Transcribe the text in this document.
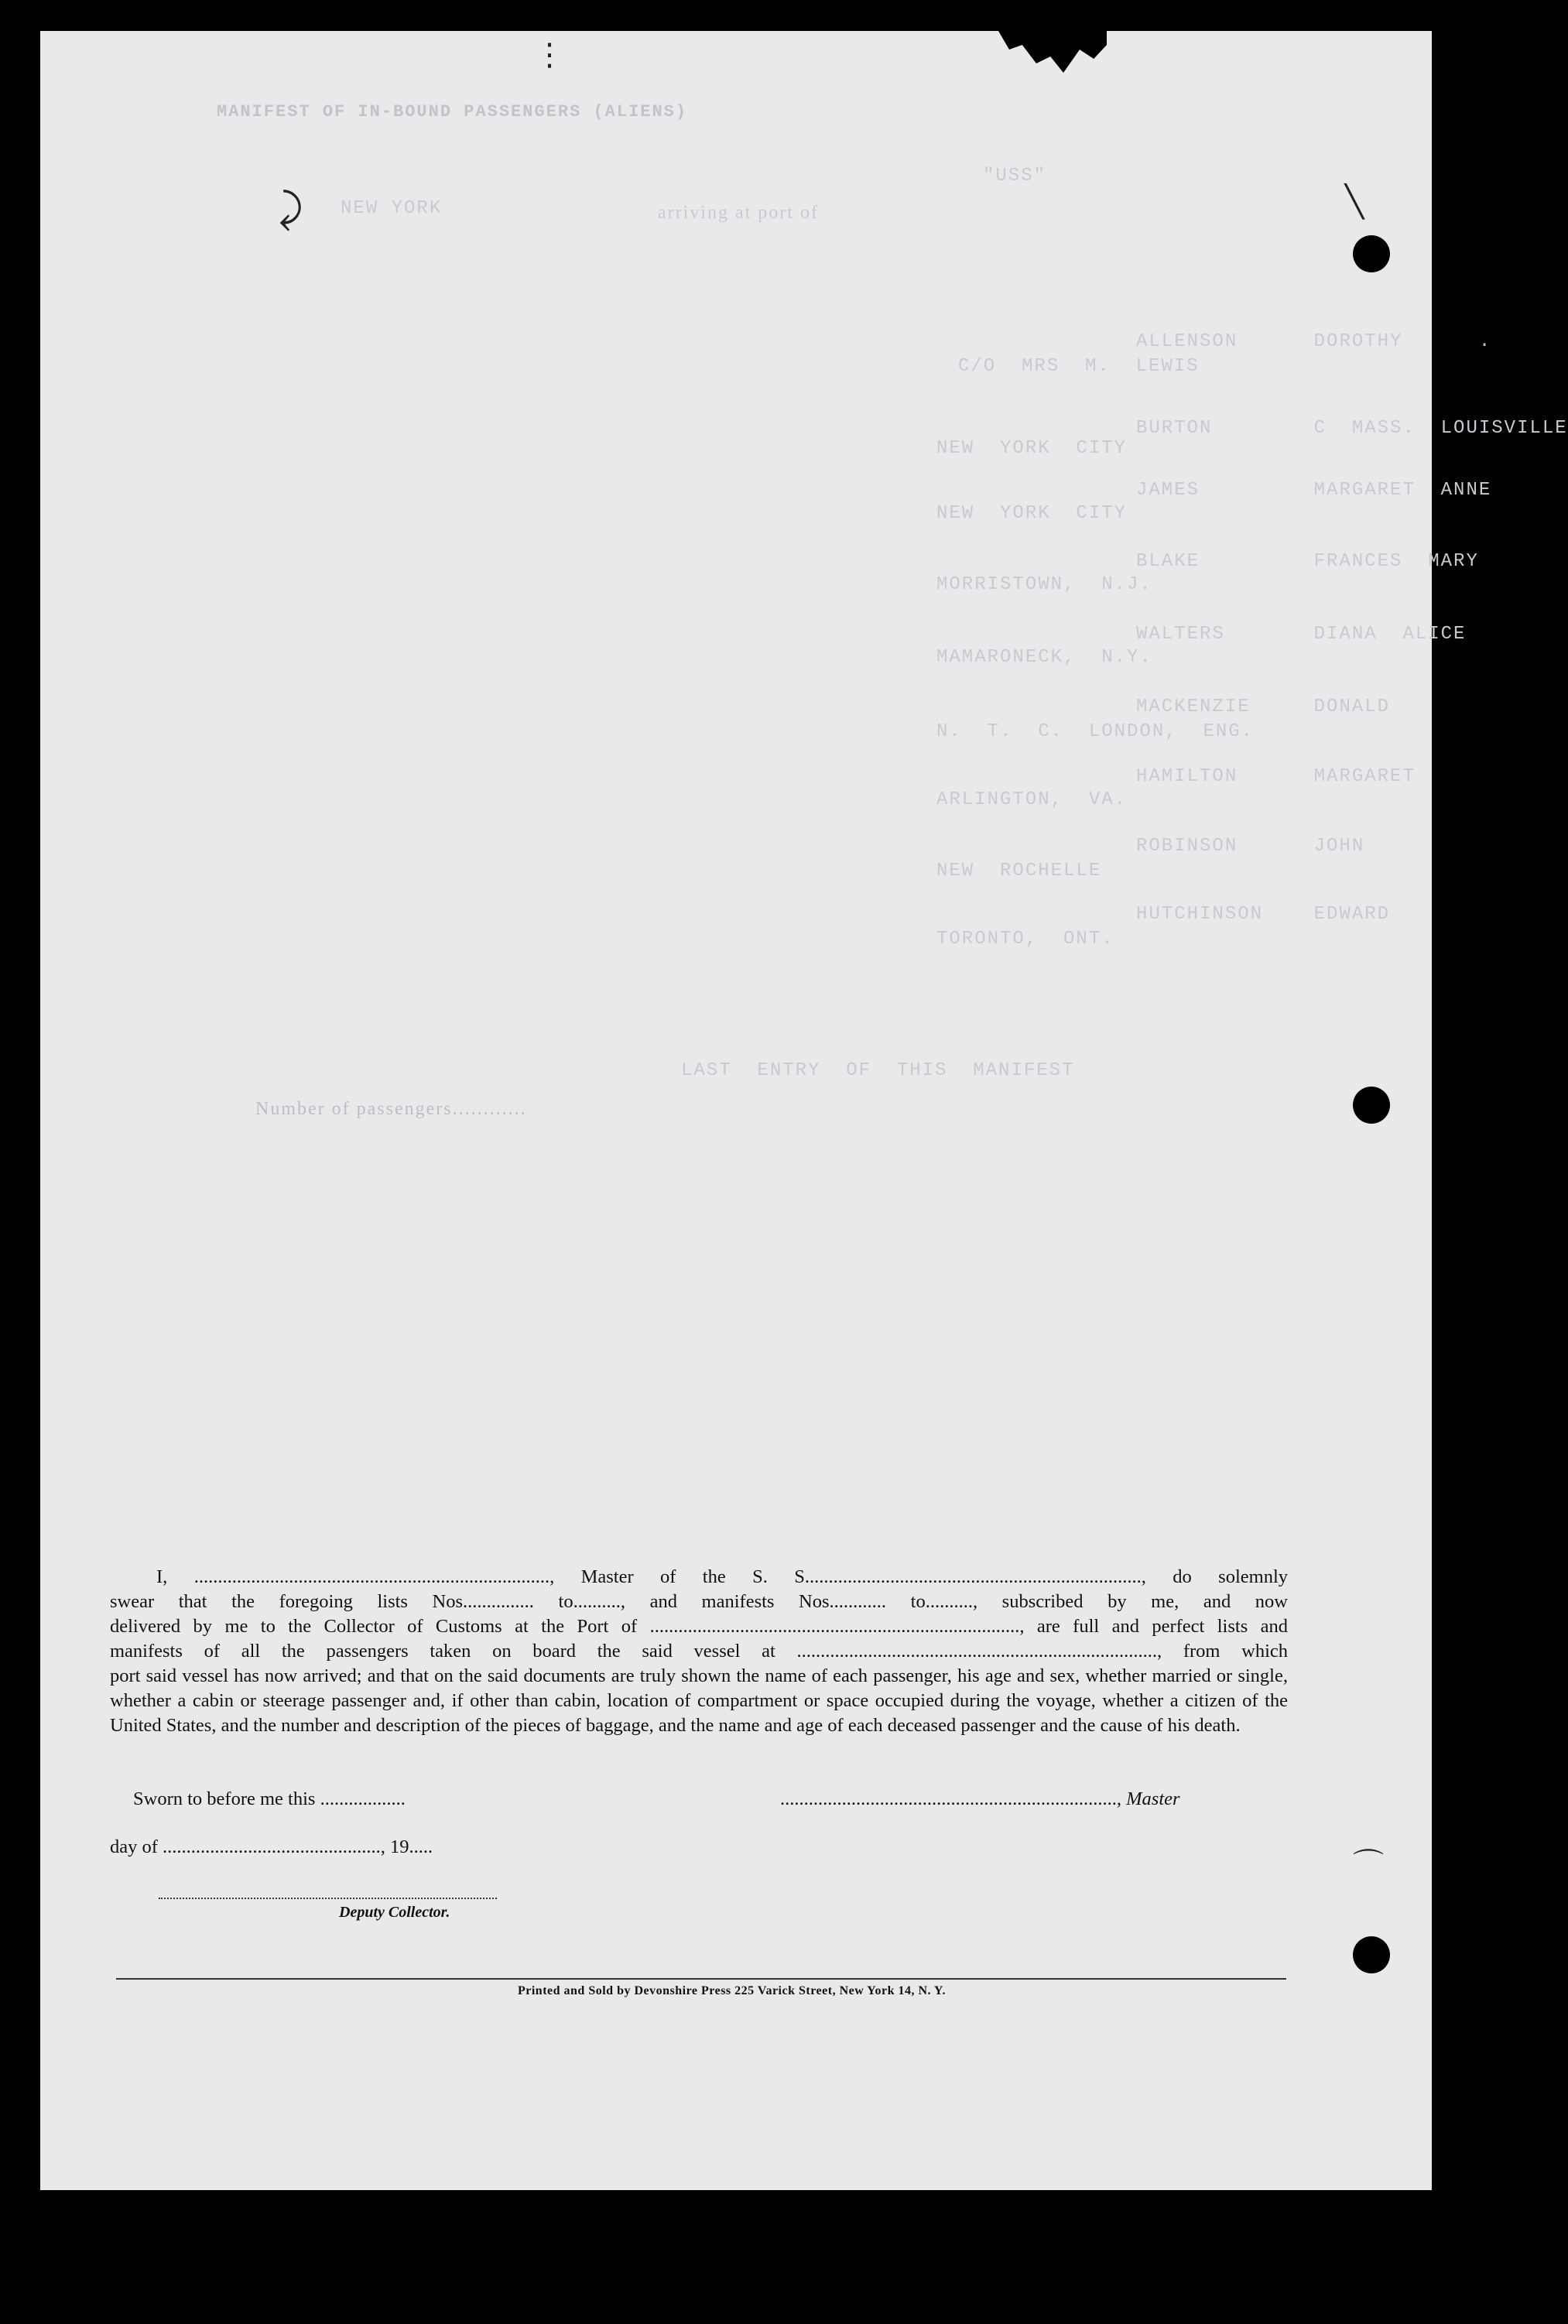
⋮
⤸	╲
⌒
MANIFEST OF IN-BOUND PASSENGERS (ALIENS)
"USS"
arriving at port of
NEW YORK
ALLENSON      DOROTHY      .
C/O  MRS  M.  LEWIS
BURTON        C  MASS.  LOUISVILLE
NEW  YORK  CITY
JAMES         MARGARET  ANNE
NEW  YORK  CITY
BLAKE         FRANCES  MARY
MORRISTOWN,  N.J.
WALTERS       DIANA  ALICE
MAMARONECK,  N.Y.
MACKENZIE     DONALD
N.  T.  C.  LONDON,  ENG.
HAMILTON      MARGARET
ARLINGTON,  VA.
ROBINSON      JOHN
NEW  ROCHELLE
HUTCHINSON    EDWARD
TORONTO,  ONT.
LAST  ENTRY  OF  THIS  MANIFEST
Number of passengers............

I, ..........................................................................., Master of the S. S......................................................................., do solemnly

swear that the foregoing lists Nos............... to.........., and manifests Nos............ to.........., subscribed by me, and now

delivered by me to the Collector of Customs at the Port of .............................................................................., are full and perfect lists and

manifests of all the passengers taken on board the said vessel at ............................................................................, from which

port said vessel has now arrived; and that on the said documents are truly shown the name of each passenger, his age and sex, whether married or single, whether a cabin or steerage passenger and, if other than cabin, location of compartment or space occupied during the voyage, whether a citizen of the United States, and the number and description of the pieces of baggage, and the name and age of each deceased passenger and the cause of his death.

Sworn to before me this ..................	......................................................................., Master
day of .............................................., 19.....
Deputy Collector.
Printed and Sold by Devonshire Press 225 Varick Street, New York 14, N. Y.
